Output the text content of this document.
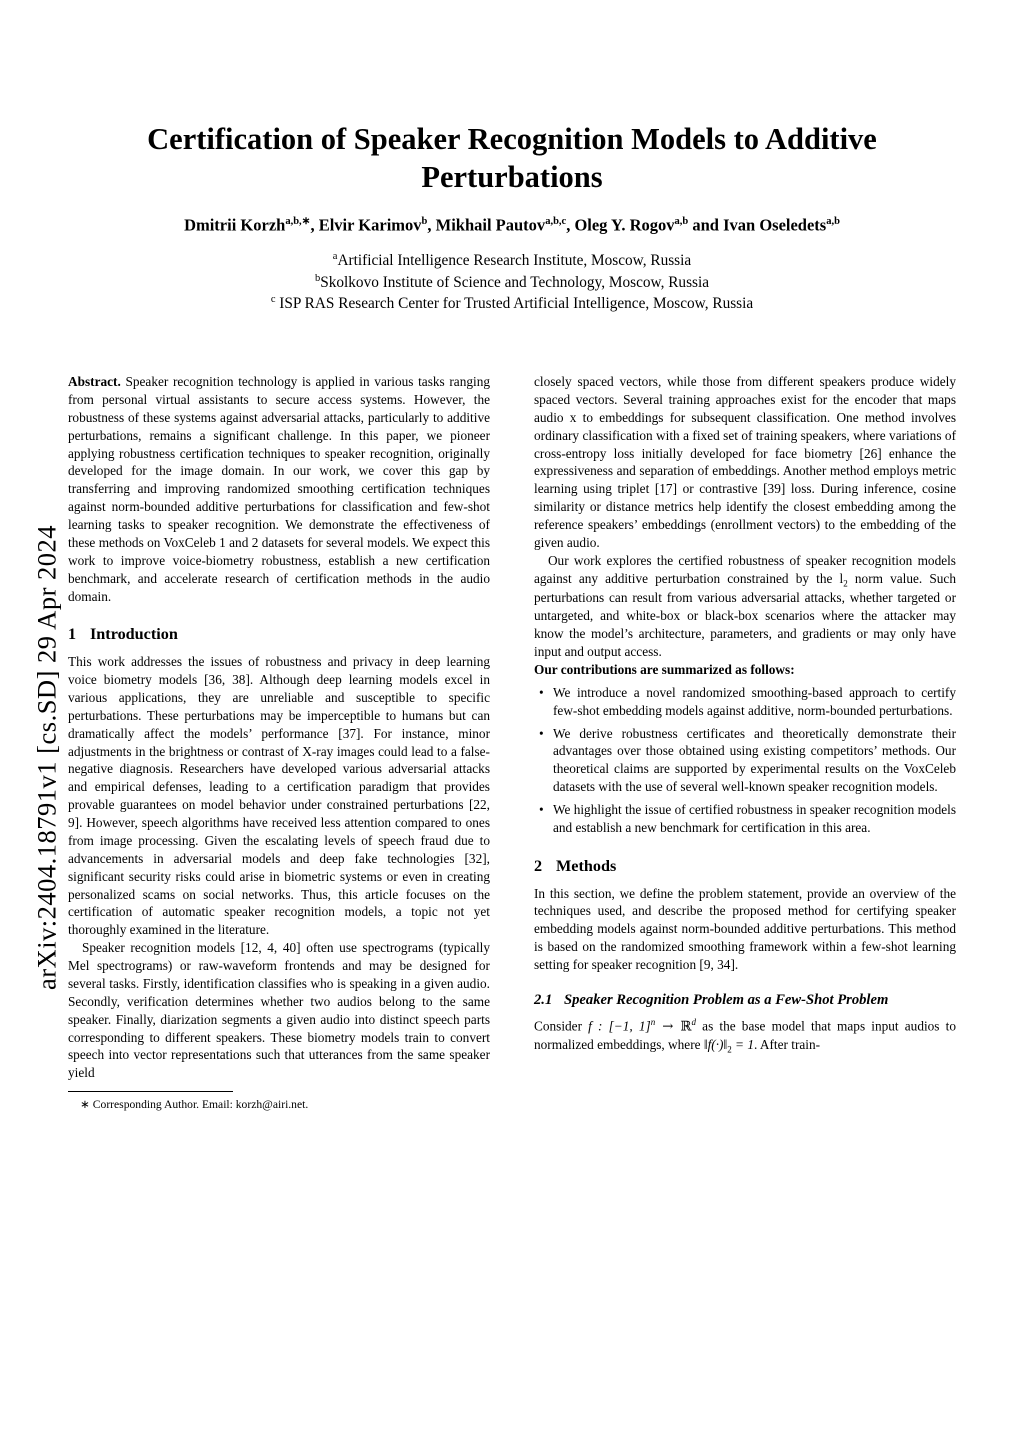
arXiv:2404.18791v1 [cs.SD] 29 Apr 2024
Certification of Speaker Recognition Models to Additive Perturbations
Dmitrii Korzh$^{a,b,∗}$, Elvir Karimov$^b$, Mikhail Pautov$^{a,b,c}$, Oleg Y. Rogov$^{a,b}$ and Ivan Oseledets$^{a,b}$
$^a$Artificial Intelligence Research Institute, Moscow, Russia
$^b$Skolkovo Institute of Science and Technology, Moscow, Russia
$^c$ ISP RAS Research Center for Trusted Artificial Intelligence, Moscow, Russia

Abstract. Speaker recognition technology is applied in various tasks ranging from personal virtual assistants to secure access systems. However, the robustness of these systems against adversarial attacks, particularly to additive perturbations, remains a significant challenge. In this paper, we pioneer applying robustness certification techniques to speaker recognition, originally developed for the image domain. In our work, we cover this gap by transferring and improving randomized smoothing certification techniques against norm-bounded additive perturbations for classification and few-shot learning tasks to speaker recognition. We demonstrate the effectiveness of these methods on VoxCeleb 1 and 2 datasets for several models. We expect this work to improve voice-biometry robustness, establish a new certification benchmark, and accelerate research of certification methods in the audio domain.

1 Introduction

This work addresses the issues of robustness and privacy in deep learning voice biometry models [36, 38]. Although deep learning models excel in various applications, they are unreliable and susceptible to specific perturbations. These perturbations may be imperceptible to humans but can dramatically affect the models’ performance [37]. For instance, minor adjustments in the brightness or contrast of X-ray images could lead to a false-negative diagnosis. Researchers have developed various adversarial attacks and empirical defenses, leading to a certification paradigm that provides provable guarantees on model behavior under constrained perturbations [22, 9]. However, speech algorithms have received less attention compared to ones from image processing. Given the escalating levels of speech fraud due to advancements in adversarial models and deep fake technologies [32], significant security risks could arise in biometric systems or even in creating personalized scams on social networks. Thus, this article focuses on the certification of automatic speaker recognition models, a topic not yet thoroughly examined in the literature.

Speaker recognition models [12, 4, 40] often use spectrograms (typically Mel spectrograms) or raw-waveform frontends and may be designed for several tasks. Firstly, identification classifies who is speaking in a given audio. Secondly, verification determines whether two audios belong to the same speaker. Finally, diarization segments a given audio into distinct speech parts corresponding to different speakers. These biometry models train to convert speech into vector representations such that utterances from the same speaker yield

∗ Corresponding Author. Email: korzh@airi.net.

closely spaced vectors, while those from different speakers produce widely spaced vectors. Several training approaches exist for the encoder that maps audio x to embeddings for subsequent classification. One method involves ordinary classification with a fixed set of training speakers, where variations of cross-entropy loss initially developed for face biometry [26] enhance the expressiveness and separation of embeddings. Another method employs metric learning using triplet [17] or contrastive [39] loss. During inference, cosine similarity or distance metrics help identify the closest embedding among the reference speakers’ embeddings (enrollment vectors) to the embedding of the given audio.

Our work explores the certified robustness of speaker recognition models against any additive perturbation constrained by the $l_2$ norm value. Such perturbations can result from various adversarial attacks, whether targeted or untargeted, and white-box or black-box scenarios where the attacker may know the model’s architecture, parameters, and gradients or may only have input and output access.

Our contributions are summarized as follows:

• We introduce a novel randomized smoothing-based approach to certify few-shot embedding models against additive, norm-bounded perturbations.
• We derive robustness certificates and theoretically demonstrate their advantages over those obtained using existing competitors’ methods. Our theoretical claims are supported by experimental results on the VoxCeleb datasets with the use of several well-known speaker recognition models.
• We highlight the issue of certified robustness in speaker recognition models and establish a new benchmark for certification in this area.
2 Methods

In this section, we define the problem statement, provide an overview of the techniques used, and describe the proposed method for certifying speaker embedding models against norm-bounded additive perturbations. This method is based on the randomized smoothing framework within a few-shot learning setting for speaker recognition [9, 34].

2.1 Speaker Recognition Problem as a Few-Shot Problem

Consider f : [−1, 1]$^n$ → ℝ$^d$ as the base model that maps input audios to normalized embeddings, where $‖f(\cdot)‖_2 = 1$. After train-
